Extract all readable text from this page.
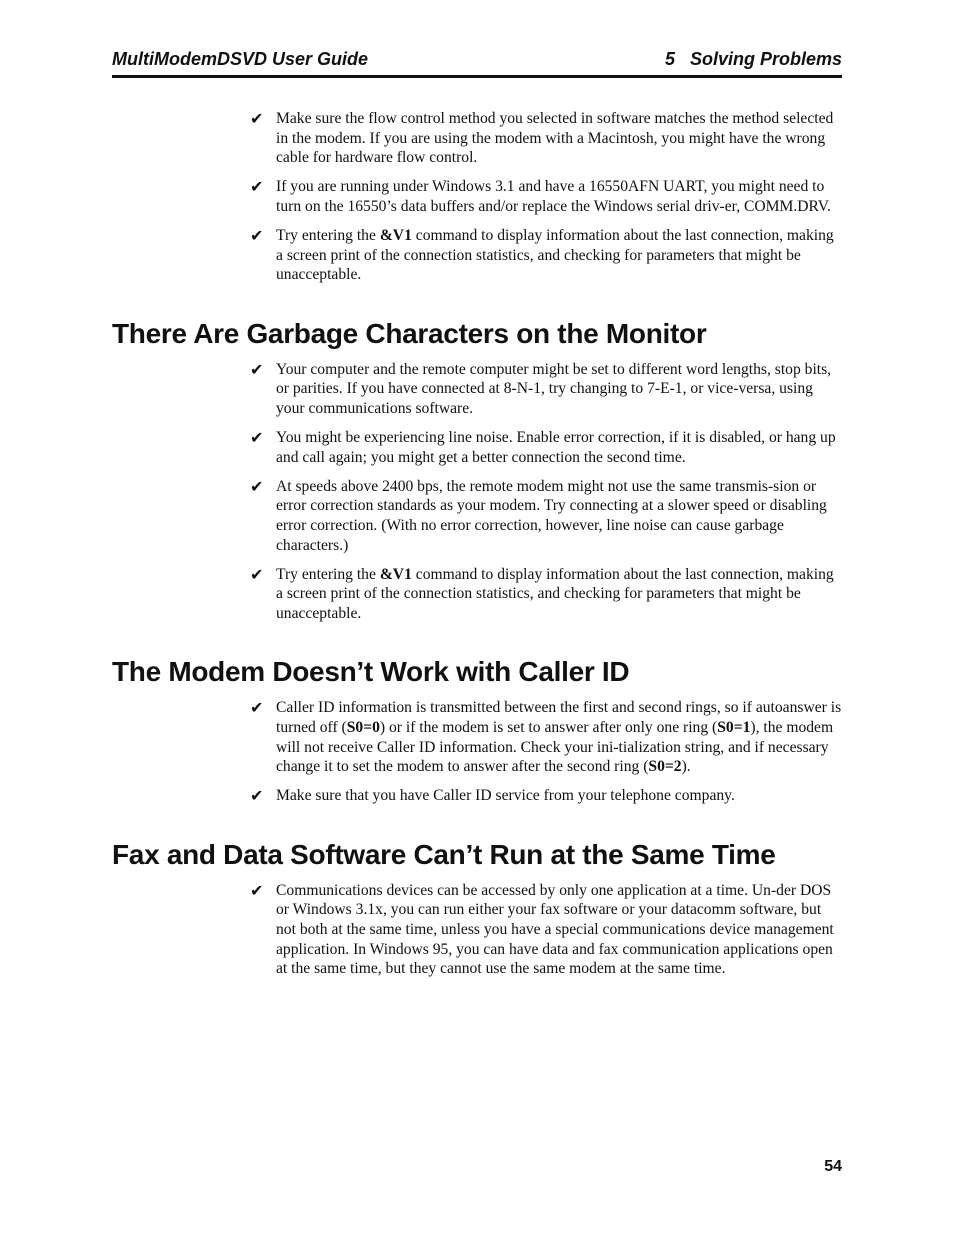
MultiModemDSVD User Guide	5   Solving Problems
✔ Make sure the flow control method you selected in software matches the method selected in the modem. If you are using the modem with a Macintosh, you might have the wrong cable for hardware flow control.
✔ If you are running under Windows 3.1 and have a 16550AFN UART, you might need to turn on the 16550’s data buffers and/or replace the Windows serial driv-er, COMM.DRV.
✔ Try entering the &V1 command to display information about the last connection, making a screen print of the connection statistics, and checking for parameters that might be unacceptable.
There Are Garbage Characters on the Monitor
✔ Your computer and the remote computer might be set to different word lengths, stop bits, or parities. If you have connected at 8-N-1, try changing to 7-E-1, or vice-versa, using your communications software.
✔ You might be experiencing line noise. Enable error correction, if it is disabled, or hang up and call again; you might get a better connection the second time.
✔ At speeds above 2400 bps, the remote modem might not use the same transmis-sion or error correction standards as your modem. Try connecting at a slower speed or disabling error correction. (With no error correction, however, line noise can cause garbage characters.)
✔ Try entering the &V1 command to display information about the last connection, making a screen print of the connection statistics, and checking for parameters that might be unacceptable.
The Modem Doesn’t Work with Caller ID
✔ Caller ID information is transmitted between the first and second rings, so if autoanswer is turned off (S0=0) or if the modem is set to answer after only one ring (S0=1), the modem will not receive Caller ID information. Check your ini-tialization string, and if necessary change it to set the modem to answer after the second ring (S0=2).
✔ Make sure that you have Caller ID service from your telephone company.
Fax and Data Software Can’t Run at the Same Time
✔ Communications devices can be accessed by only one application at a time. Un-der DOS or Windows 3.1x, you can run either your fax software or your datacomm software, but not both at the same time, unless you have a special communications device management application. In Windows 95, you can have data and fax communication applications open at the same time, but they cannot use the same modem at the same time.
54
